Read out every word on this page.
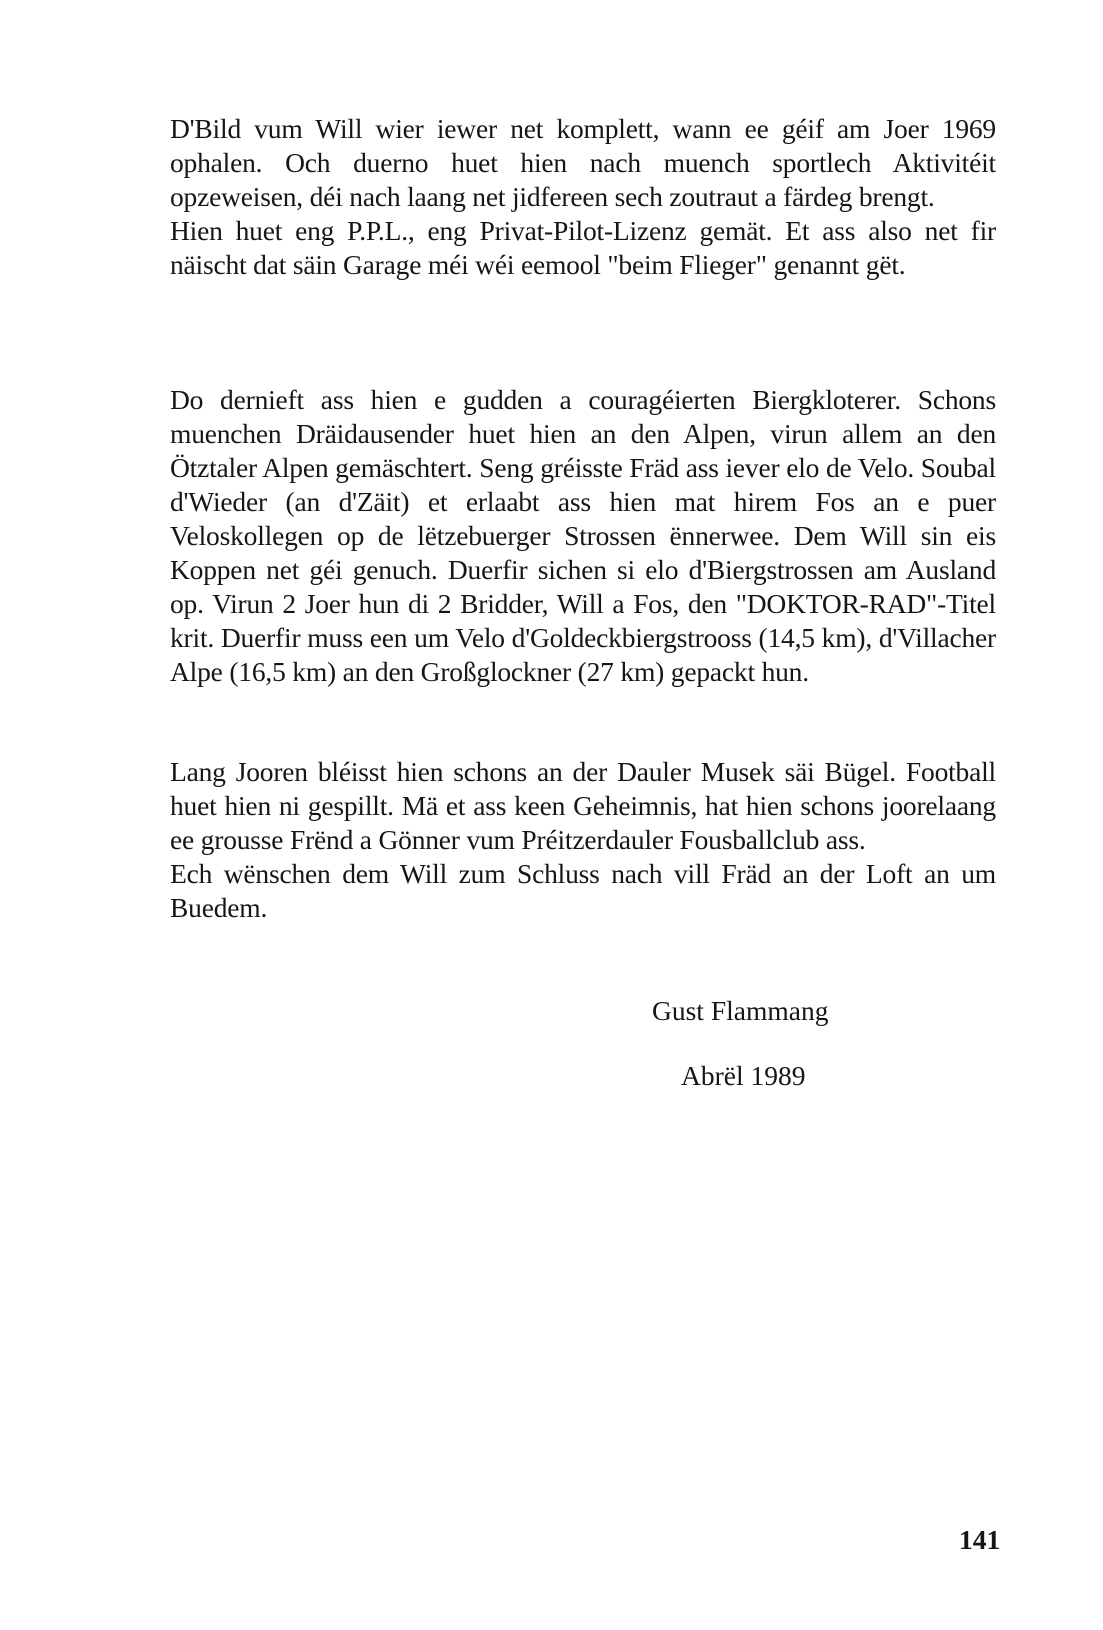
D'Bild vum Will wier iewer net komplett, wann ee géif am Joer 1969 ophalen. Och duerno huet hien nach muench sportlech Aktivitéit opzeweisen, déi nach laang net jidfereen sech zoutraut a färdeg brengt.

Hien huet eng P.P.L., eng Privat-Pilot-Lizenz gemät. Et ass also net fir näischt dat säin Garage méi wéi eemool "beim Flieger" genannt gët.

Do dernieft ass hien e gudden a couragéierten Biergkloterer. Schons muenchen Dräidausender huet hien an den Alpen, virun allem an den Ötztaler Alpen gemäschtert. Seng gréisste Fräd ass iever elo de Velo. Soubal d'Wieder (an d'Zäit) et erlaabt ass hien mat hirem Fos an e puer Veloskollegen op de lëtzebuerger Strossen ënnerwee. Dem Will sin eis Koppen net géi genuch. Duerfir sichen si elo d'Biergstrossen am Ausland op. Virun 2 Joer hun di 2 Bridder, Will a Fos, den "DOKTOR-RAD"-Titel krit. Duerfir muss een um Velo d'Goldeckbiergstrooss (14,5 km), d'Villacher Alpe (16,5 km) an den Großglockner (27 km) gepackt hun.

Lang Jooren bléisst hien schons an der Dauler Musek säi Bügel. Football huet hien ni gespillt. Mä et ass keen Geheimnis, hat hien schons joorelaang ee grousse Frënd a Gönner vum Préitzerdauler Fousballclub ass.

Ech wënschen dem Will zum Schluss nach vill Fräd an der Loft an um Buedem.

Gust Flammang
Abrël 1989
141
